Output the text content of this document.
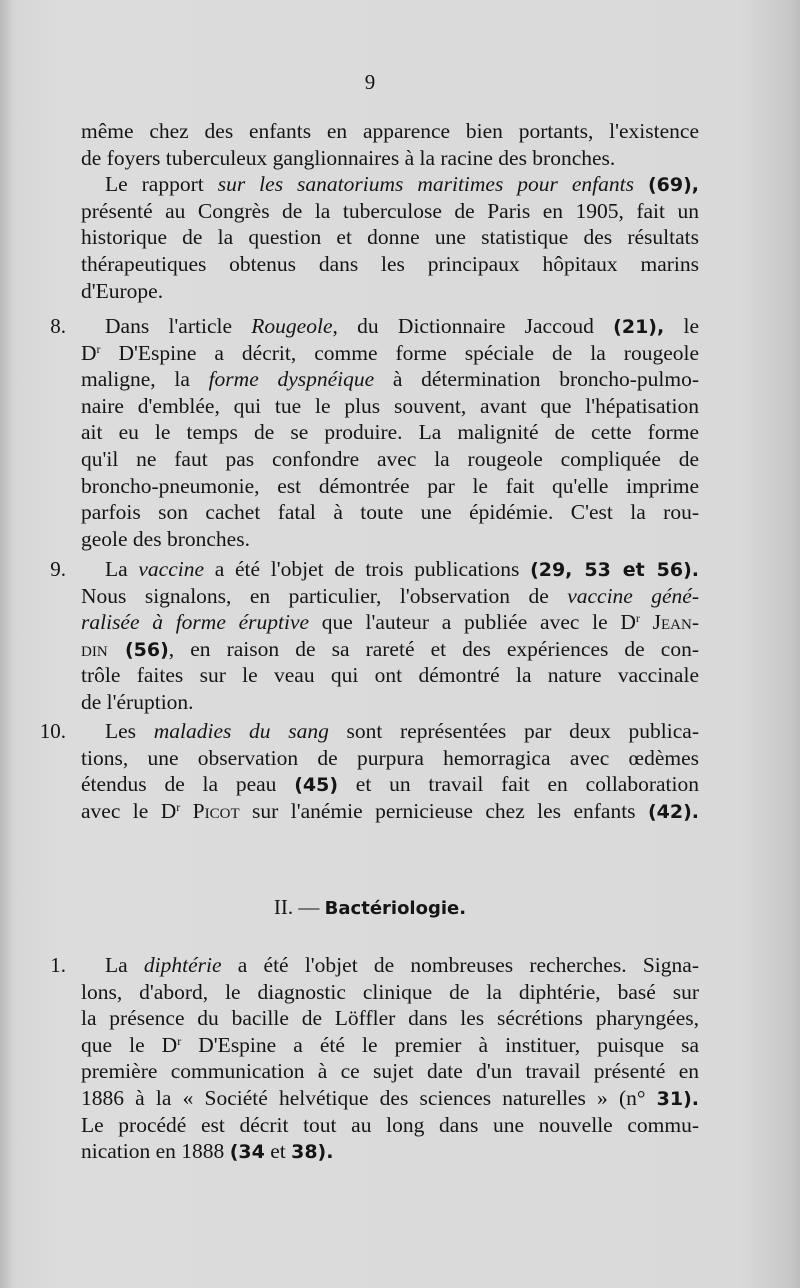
9
même chez des enfants en apparence bien portants, l'existence
de foyers tuberculeux ganglionnaires à la racine des bronches.
Le rapport sur les sanatoriums maritimes pour enfants (69),
présenté au Congrès de la tuberculose de Paris en 1905, fait un
historique de la question et donne une statistique des résultats
thérapeutiques obtenus dans les principaux hôpitaux marins
d'Europe.
8.	Dans l'article Rougeole, du Dictionnaire Jaccoud (21), le
$D^r$ D'Espine a décrit, comme forme spéciale de la rougeole
maligne, la forme dyspnéique à détermination broncho-pulmo-
naire d'emblée, qui tue le plus souvent, avant que l'hépatisation
ait eu le temps de se produire. La malignité de cette forme
qu'il ne faut pas confondre avec la rougeole compliquée de
broncho-pneumonie, est démontrée par le fait qu'elle imprime
parfois son cachet fatal à toute une épidémie. C'est la rou-
geole des bronches.
9.	La vaccine a été l'objet de trois publications (29, 53 et 56).
Nous signalons, en particulier, l'observation de vaccine géné-
ralisée à forme éruptive que l'auteur a publiée avec le $D^r$ Jean-
din (56), en raison de sa rareté et des expériences de con-
trôle faites sur le veau qui ont démontré la nature vaccinale
de l'éruption.
10.	Les maladies du sang sont représentées par deux publica-
tions, une observation de purpura hemorragica avec œdèmes
étendus de la peau (45) et un travail fait en collaboration
avec le $D^r$ Picot sur l'anémie pernicieuse chez les enfants (42).
II. — Bactériologie.
1.	La diphtérie a été l'objet de nombreuses recherches. Signa-
lons, d'abord, le diagnostic clinique de la diphtérie, basé sur
la présence du bacille de Löffler dans les sécrétions pharyngées,
que le $D^r$ D'Espine a été le premier à instituer, puisque sa
première communication à ce sujet date d'un travail présenté en
1886 à la « Société helvétique des sciences naturelles » (n° 31).
Le procédé est décrit tout au long dans une nouvelle commu-
nication en 1888 (34 et 38).
